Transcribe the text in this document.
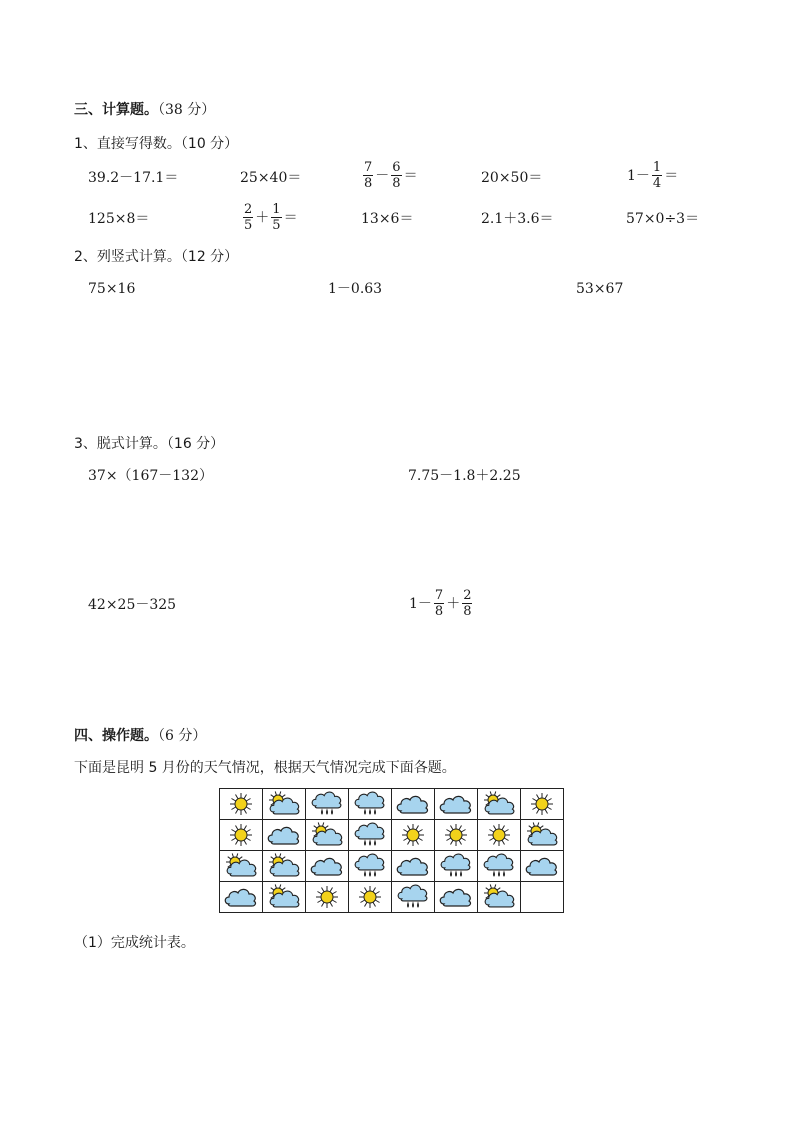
三、计算题。（38 分）
1、直接写得数。（10 分）
39.2－17.1＝	25×40＝	$\frac{7}{8} - \frac{6}{8}$ ＝	20×50＝	$1- \frac{1}{4}$ ＝
125×8＝	$\frac{2}{5} + \frac{1}{5}$ ＝	13×6＝	2.1＋3.6＝	57×0÷3＝
2、列竖式计算。（12 分）
75×16	1－0.63	53×67
3、脱式计算。（16 分）
37×（167－132）	7.75－1.8＋2.25
42×25－325	$1- \frac{7}{8} + \frac{2}{8}$
四、操作题。（6 分）
下面是昆明 5 月份的天气情况，根据天气情况完成下面各题。

（1）完成统计表。
